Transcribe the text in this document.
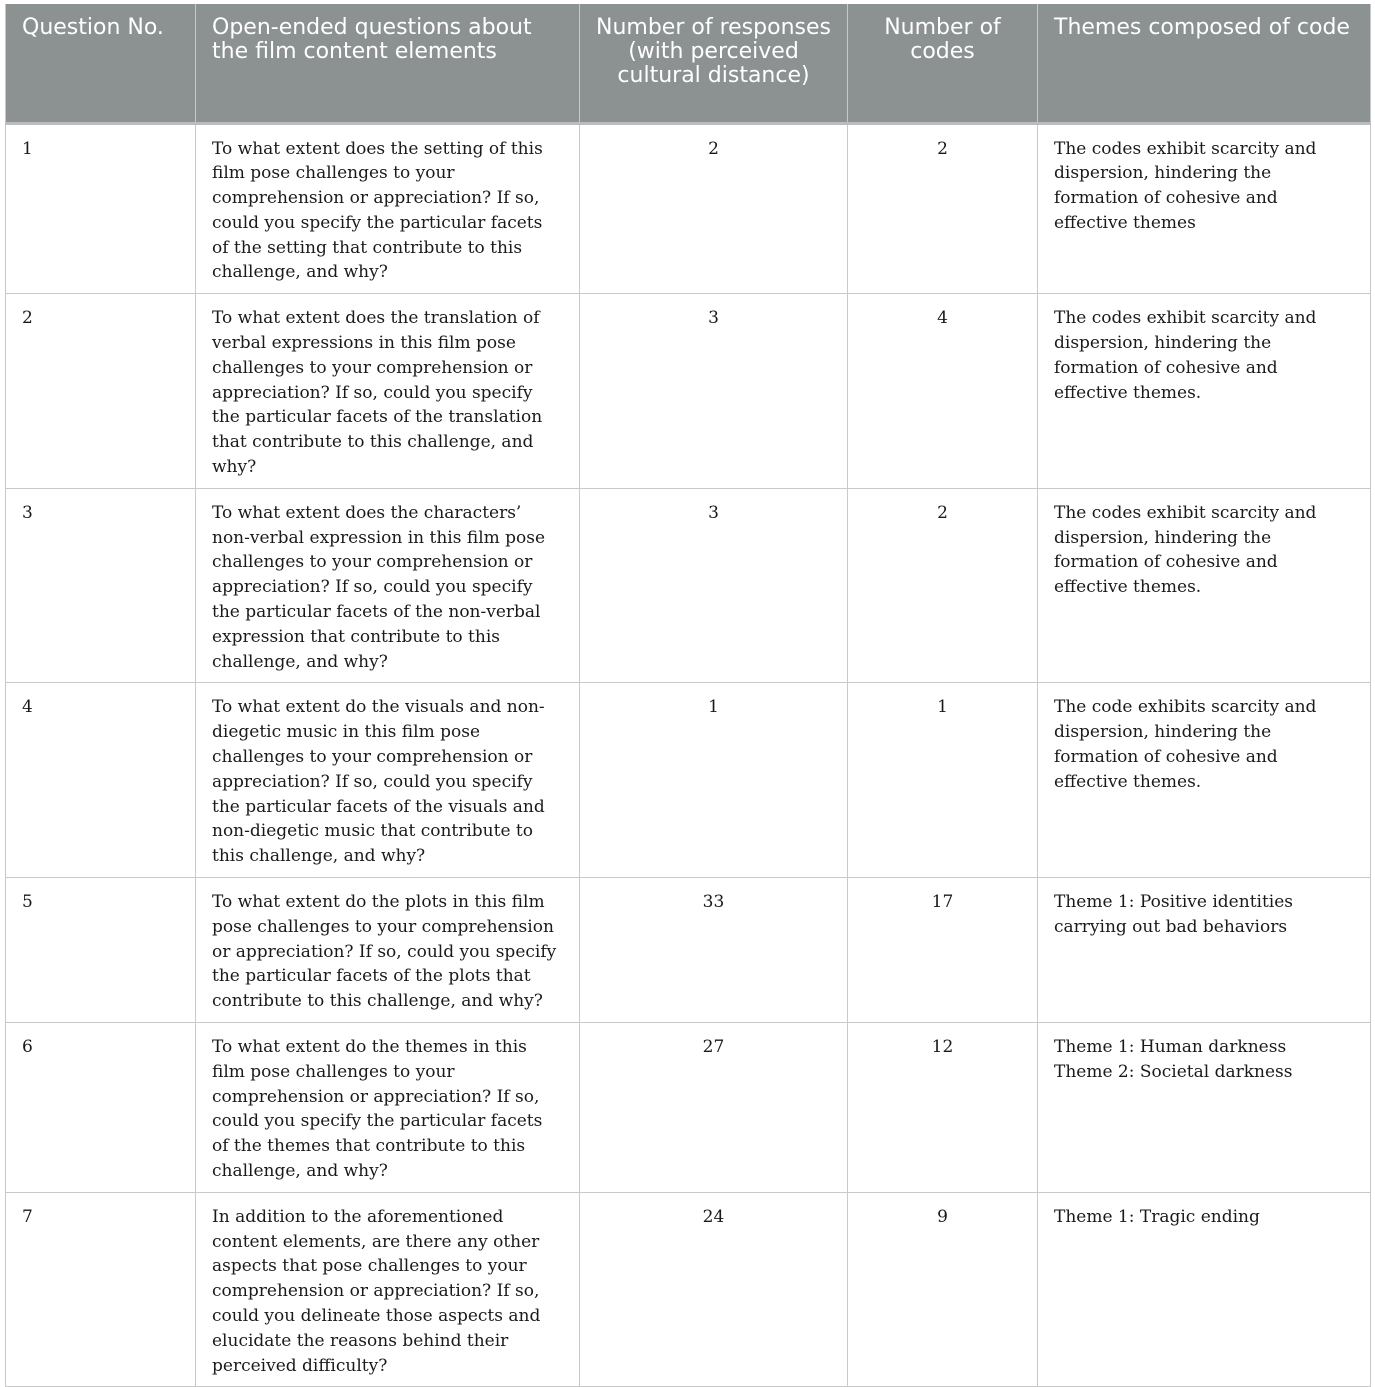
Question No.	Open-ended questions about the film content elements	Number of responses (with perceived cultural distance)	Number of codes	Themes composed of code
1	To what extent does the setting of this film pose challenges to your comprehension or appreciation? If so, could you specify the particular facets of the setting that contribute to this challenge, and why?	2	2	The codes exhibit scarcity and dispersion, hindering the formation of cohesive and effective themes
2	To what extent does the translation of verbal expressions in this film pose challenges to your comprehension or appreciation? If so, could you specify the particular facets of the translation that contribute to this challenge, and why?	3	4	The codes exhibit scarcity and dispersion, hindering the formation of cohesive and effective themes.
3	To what extent does the characters’ non-verbal expression in this film pose challenges to your comprehension or appreciation? If so, could you specify the particular facets of the non-verbal expression that contribute to this challenge, and why?	3	2	The codes exhibit scarcity and dispersion, hindering the formation of cohesive and effective themes.
4	To what extent do the visuals and non-diegetic music in this film pose challenges to your comprehension or appreciation? If so, could you specify the particular facets of the visuals and non-diegetic music that contribute to this challenge, and why?	1	1	The code exhibits scarcity and dispersion, hindering the formation of cohesive and effective themes.
5	To what extent do the plots in this film pose challenges to your comprehension or appreciation? If so, could you specify the particular facets of the plots that contribute to this challenge, and why?	33	17	Theme 1: Positive identities carrying out bad behaviors
6	To what extent do the themes in this film pose challenges to your comprehension or appreciation? If so, could you specify the particular facets of the themes that contribute to this challenge, and why?	27	12	Theme 1: Human darkness
Theme 2: Societal darkness
7	In addition to the aforementioned content elements, are there any other aspects that pose challenges to your comprehension or appreciation? If so, could you delineate those aspects and elucidate the reasons behind their perceived difficulty?	24	9	Theme 1: Tragic ending
